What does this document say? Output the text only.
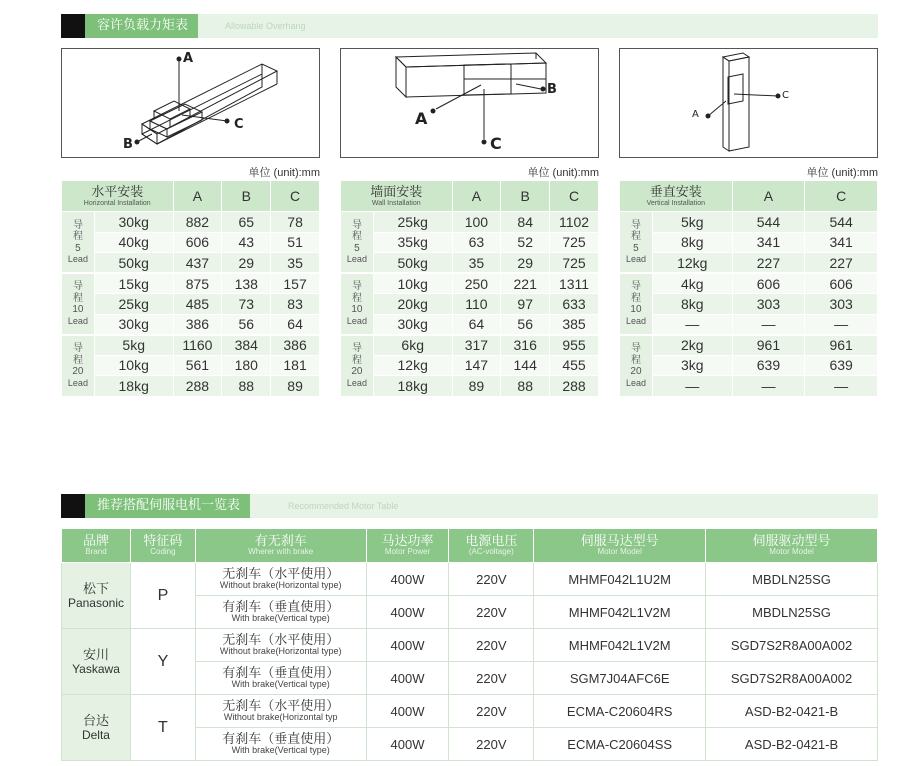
容许负载力矩表	Allowable Overhang
A
C
B
A
C
B
A
C
单位 (unit):mm	单位 (unit):mm	单位 (unit):mm
水平安装
Horizontal Installation		A	B	C

导
程
5
Lead	30kg	882	65	78
	40kg	606	43	51
	50kg	437	29	35

导
程
10
Lead	15kg	875	138	157
	25kg	485	73	83
	30kg	386	56	64

导
程
20
Lead	5kg	1160	384	386
	10kg	561	180	181
	18kg	288	88	89
墙面安装
Wall Installation		A	B	C

导
程
5
Lead	25kg	100	84	1102
	35kg	63	52	725
	50kg	35	29	725

导
程
10
Lead	10kg	250	221	1311
	20kg	110	97	633
	30kg	64	56	385

导
程
20
Lead	6kg	317	316	955
	12kg	147	144	455
	18kg	89	88	288
垂直安装
Vertical Installation		A	C

导
程
5
Lead	5kg	544	544
	8kg	341	341
	12kg	227	227

导
程
10
Lead	4kg	606	606
	8kg	303	303
	—	—	—

导
程
20
Lead	2kg	961	961
	3kg	639	639
	—	—	—
推荐搭配伺服电机一览表	Recommended Motor Table
品牌
Brand	特征码
Coding	有无刹车
Wherer with brake	马达功率
Motor Power	电源电压
(AC-voltage)	伺服马达型号
Motor Model	伺服驱动型号
Motor Model

松下
Panasonic	P	无刹车（水平使用）
Without brake(Horizontal type)	400W	220V	MHMF042L1U2M	MBDLN25SG

		有刹车（垂直使用）
With brake(Vertical type)	400W	220V	MHMF042L1V2M	MBDLN25SG
安川
Yaskawa	Y	无刹车（水平使用）
Without brake(Horizontal type)	400W	220V	MHMF042L1V2M	SGD7S2R8A00A002

		有刹车（垂直使用）
With brake(Vertical type)	400W	220V	SGM7J04AFC6E	SGD7S2R8A00A002
台达
Delta	T	无刹车（水平使用）
Without brake(Horizontal typ	400W	220V	ECMA-C20604RS	ASD-B2-0421-B

		有刹车（垂直使用）
With brake(Vertical type)	400W	220V	ECMA-C20604SS	ASD-B2-0421-B
